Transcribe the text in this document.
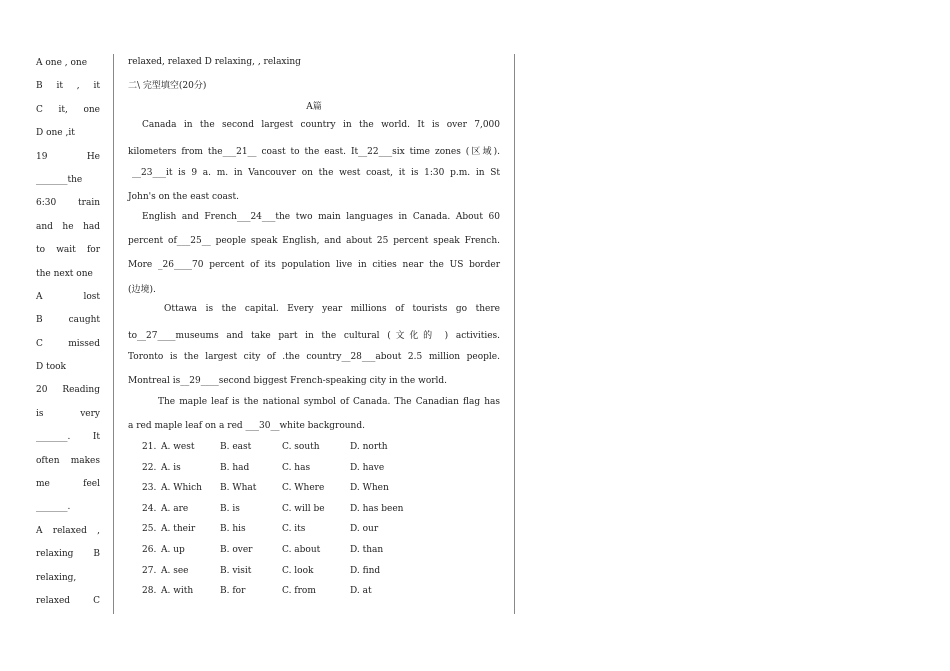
A one , one
B it , it
C it, one
D one ,it
19 He
_______the
6:30 train
and he had
to wait for
the next one
A lost
B caught
C missed
D took
20 Reading
is very
_______. It
often makes
me feel
_______.
A relaxed ,
relaxing B
relaxing,
relaxed C
relaxed, relaxed D relaxing, , relaxing
二\ 完型填空(20分)
A篇
Canada in the second largest country in the world. It is over 7,000
kilometers from the___21__ coast to the east. It__22___six time zones (区域).
__23___it is 9 a. m. in Vancouver on the west coast, it is 1:30 p.m. in St
John's on the east coast.
English and French___24___the two main languages in Canada. About 60
percent of___25__ people speak English, and about 25 percent speak French.
More _26____70 percent of its population live in cities near the US border
(边境).
Ottawa is the capital. Every year millions of tourists go there
to__27____museums and take part in the cultural (文化的 ) activities.
Toronto is the largest city of .the country__28___about 2.5 million people.
Montreal is__29____second biggest French-speaking city in the world.
The maple leaf is the national symbol of Canada. The Canadian flag has
a red maple leaf on a red ___30__white background.
21. A. west	B. east	C. south	D. north
22. A. is	B. had	C. has	D. have
23. A. Which B. What	C. Where	D. When
24. A. are	B. is	C. will be	D. has been
25. A. their	B. his	C. its	D. our
26. A. up	B. over	C. about	D. than
27. A. see	B. visit	C. look	D. find
28. A. with	B. for	C. from	D. at
